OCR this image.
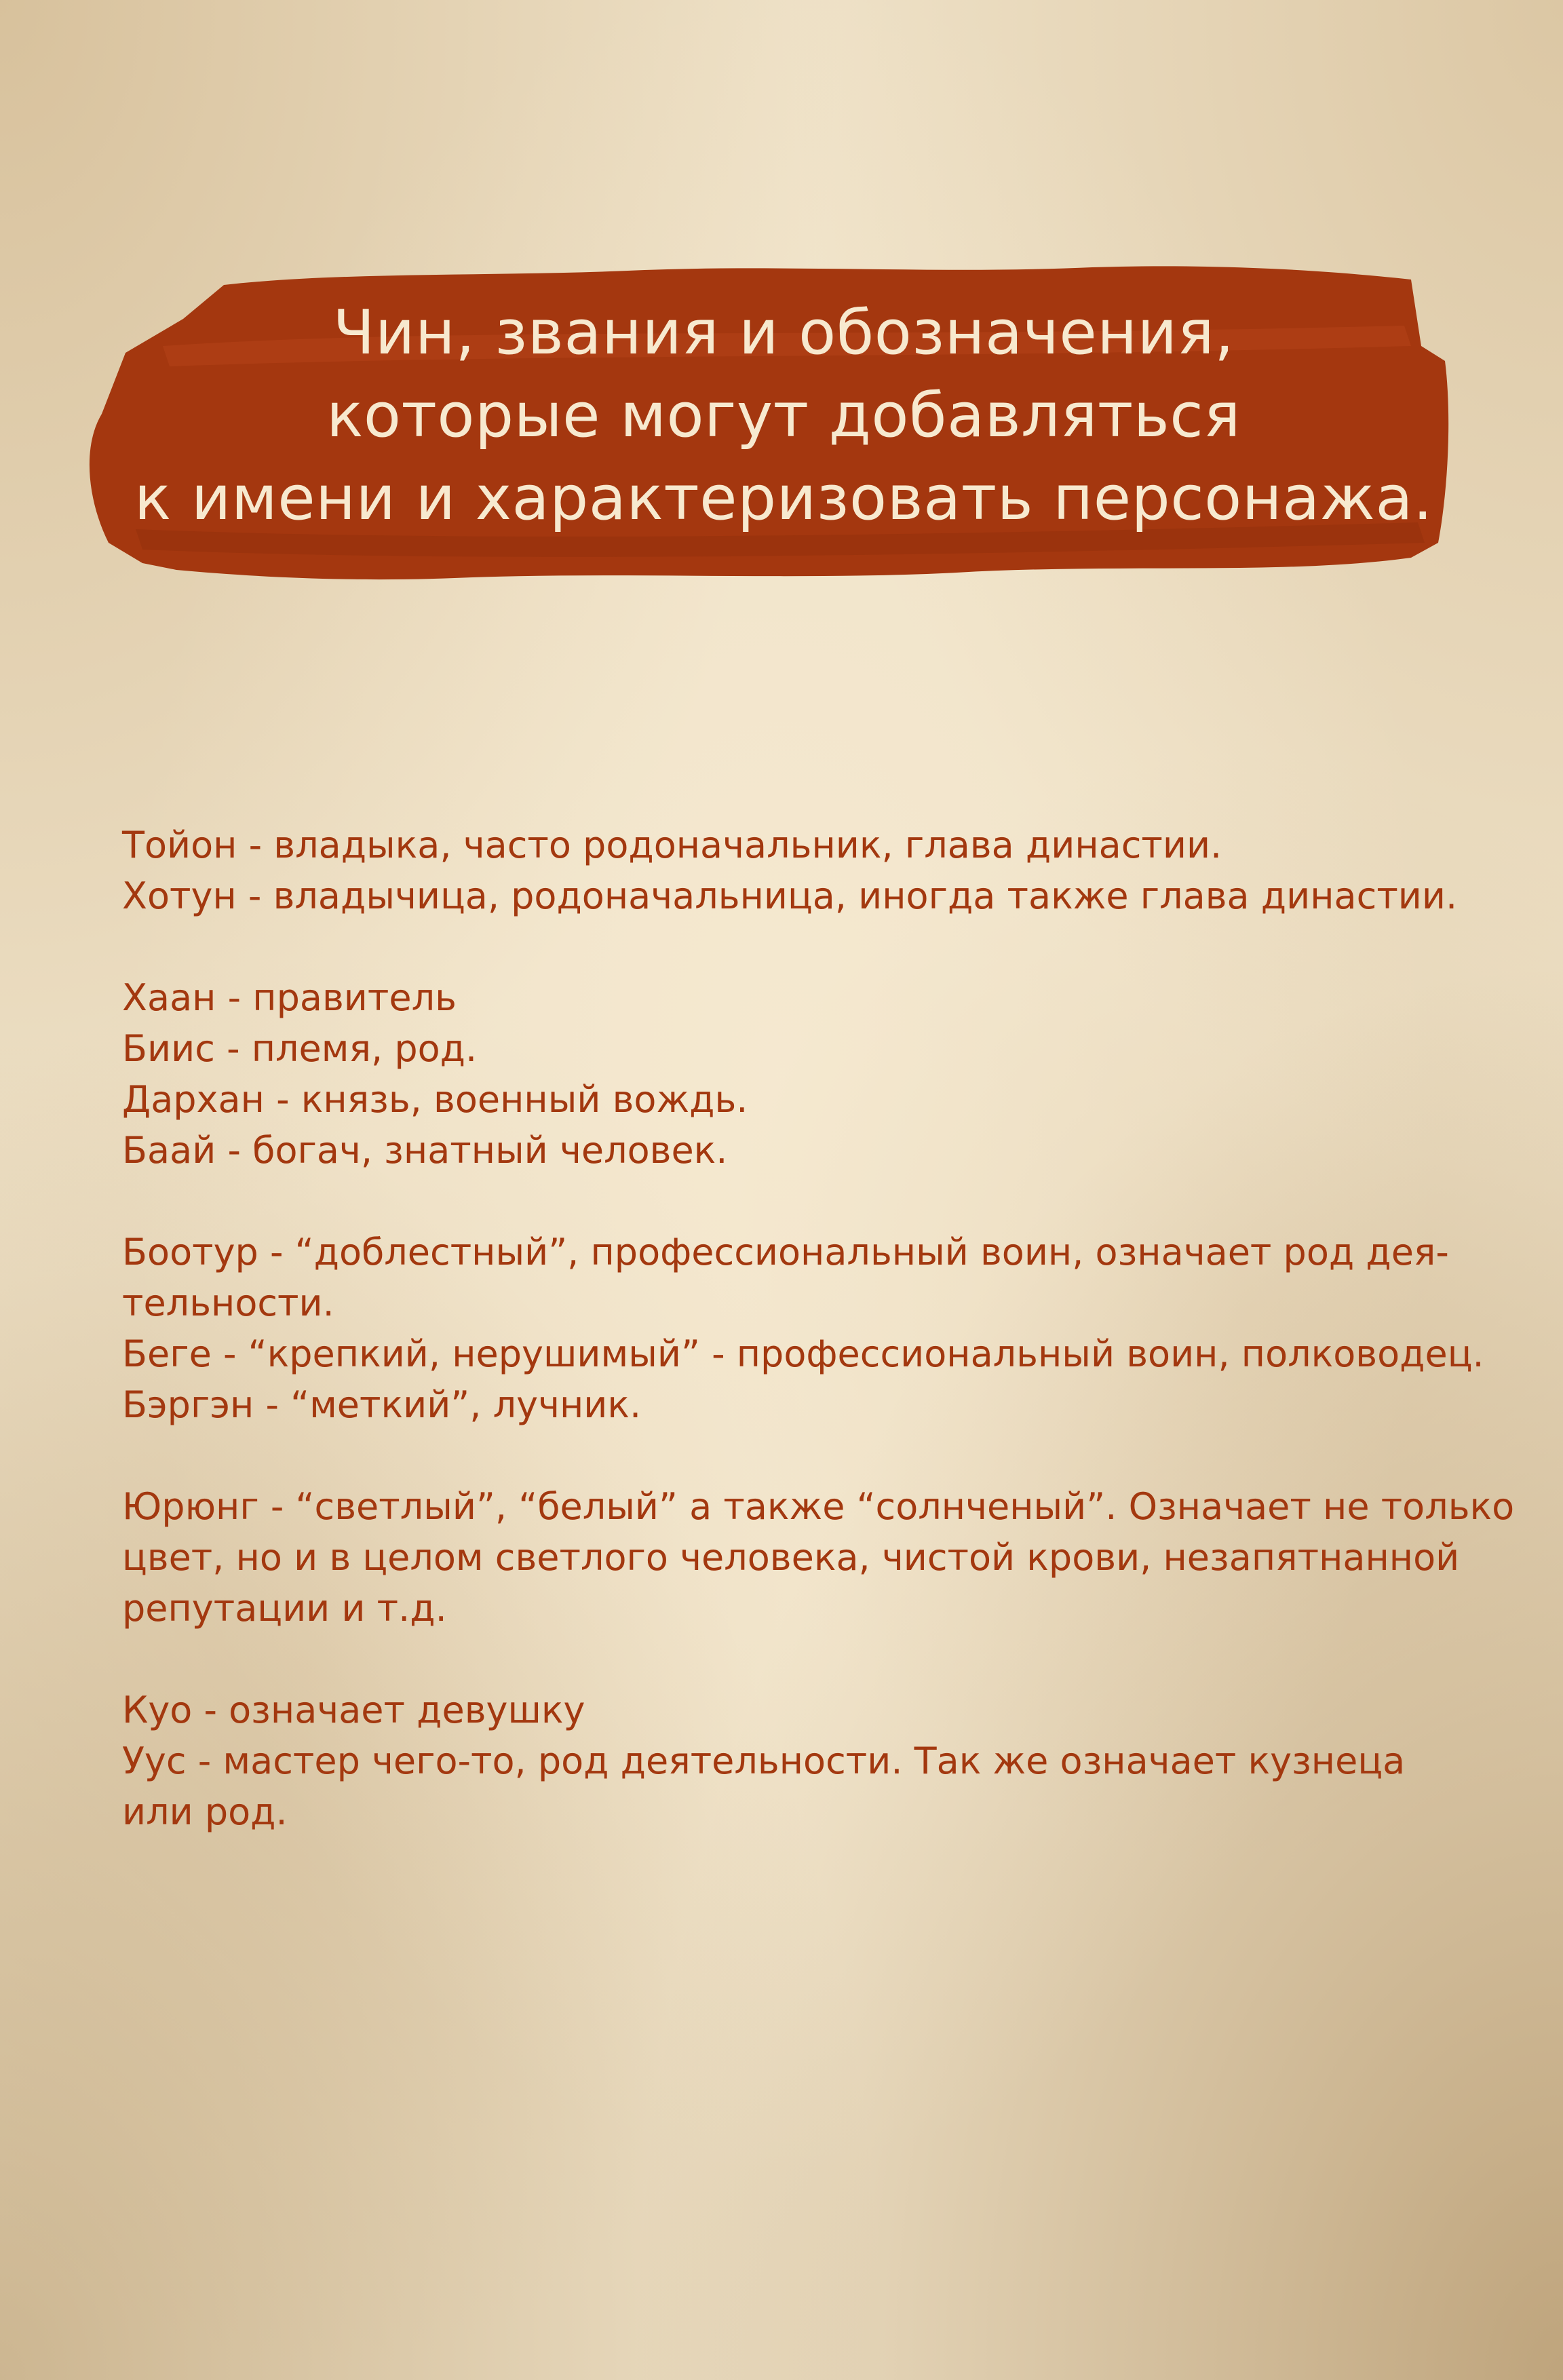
Чин, звания и обозначения,
которые могут добавляться
к имени и характеризовать персонажа.

Тойон - владыка, часто родоначальник, глава династии.
Хотун - владычица, родоначальница, иногда также глава династии.

Хаан - правитель
Биис - племя, род.
Дархан - князь, военный вождь.
Баай - богач, знатный человек.

Боотур - “доблестный”, профессиональный воин, означает род дея-
тельности.
Беге - “крепкий, нерушимый” - профессиональный воин, полководец.
Бэргэн - “меткий”, лучник.

Юрюнг - “светлый”, “белый” а также “солнченый”. Означает не только
цвет, но и в целом светлого человека, чистой крови, незапятнанной
репутации и т.д.

Куо - означает девушку
Уус - мастер чего-то, род деятельности. Так же означает кузнеца
или род.
